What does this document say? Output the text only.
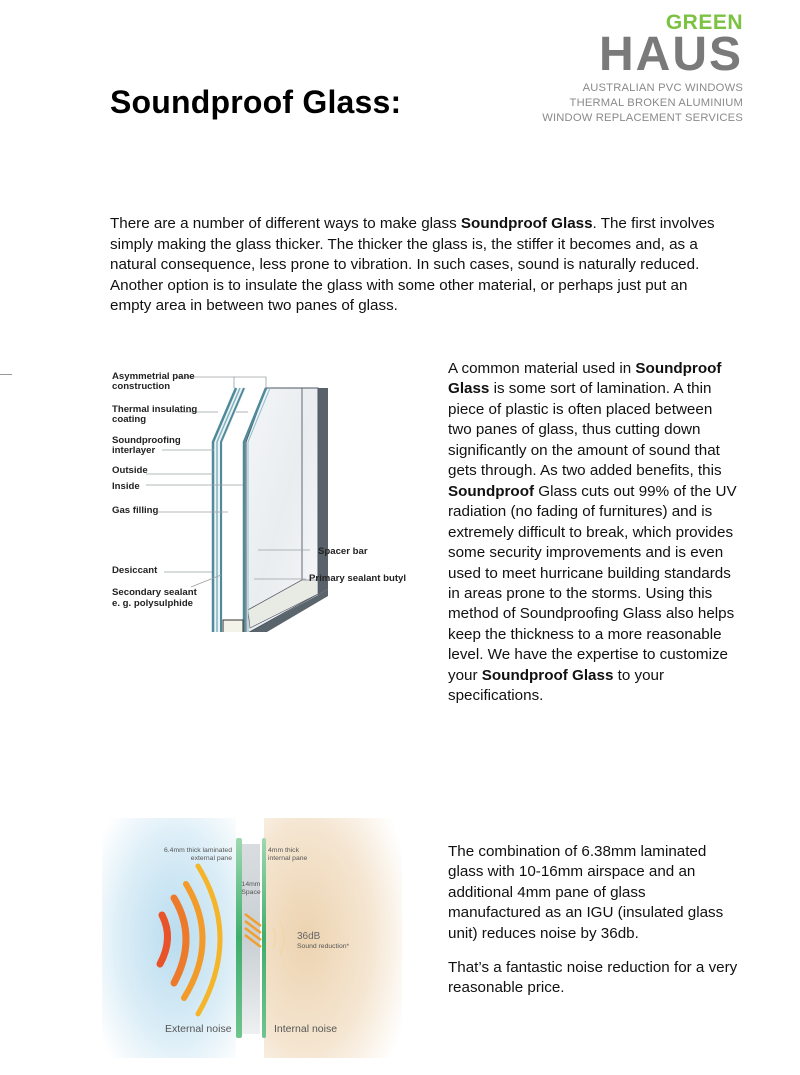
GREEN
HAUS
AUSTRALIAN PVC WINDOWS
THERMAL BROKEN ALUMINIUM
WINDOW REPLACEMENT SERVICES
Soundproof Glass:

There are a number of different ways to make glass Soundproof Glass. The first involves simply making the glass thicker. The thicker the glass is, the stiffer it becomes and, as a natural consequence, less prone to vibration. In such cases, sound is naturally reduced. Another option is to insulate the glass with some other material, or perhaps just put an empty area in between two panes of glass.

Asymmetrial pane
construction
Thermal insulating
coating
Soundproofing
interlayer
Outside
Inside
Gas filling
Desiccant
Secondary sealant
e. g. polysulphide
Spacer bar
Primary sealant butyl

A common material used in Soundproof Glass is some sort of lamination. A thin piece of plastic is often placed between two panes of glass, thus cutting down significantly on the amount of sound that gets through. As two added benefits, this Soundproof Glass cuts out 99% of the UV radiation (no fading of furnitures) and is extremely difficult to break, which provides some security improvements and is even used to meet hurricane building standards in areas prone to the storms. Using this method of Soundproofing Glass also helps keep the thickness to a more reasonable level. We have the expertise to customize your Soundproof Glass to your specifications.

6.4mm thick laminated
external pane
4mm thick
internal pane
14mm
Space
36dB
Sound reduction*
External noise	Internal noise

The combination of 6.38mm laminated glass with 10-16mm airspace and an additional 4mm pane of glass manufactured as an IGU (insulated glass unit) reduces noise by 36db.

That’s a fantastic noise reduction for a very reasonable price.
